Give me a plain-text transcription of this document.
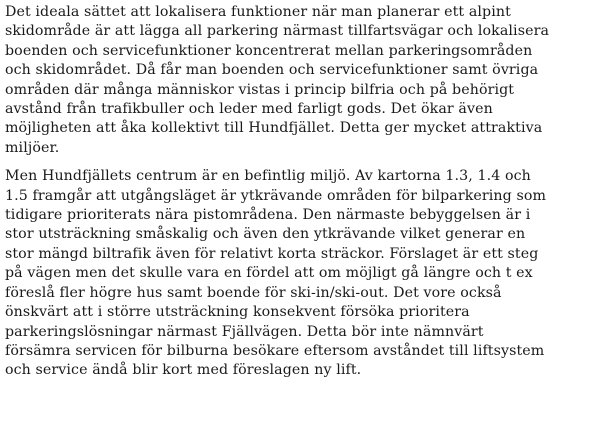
Det ideala sättet att lokalisera funktioner när man planerar ett alpint
skidområde är att lägga all parkering närmast tillfartsvägar och lokalisera
boenden och servicefunktioner koncentrerat mellan parkeringsområden
och skidområdet. Då får man boenden och servicefunktioner samt övriga
områden där många människor vistas i princip bilfria och på behörigt
avstånd från trafikbuller och leder med farligt gods. Det ökar även
möjligheten att åka kollektivt till Hundfjället. Detta ger mycket attraktiva
miljöer.

Men Hundfjällets centrum är en befintlig miljö. Av kartorna 1.3, 1.4 och
1.5 framgår att utgångsläget är ytkrävande områden för bilparkering som
tidigare prioriterats nära pistområdena. Den närmaste bebyggelsen är i
stor utsträckning småskalig och även den ytkrävande vilket generar en
stor mängd biltrafik även för relativt korta sträckor. Förslaget är ett steg
på vägen men det skulle vara en fördel att om möjligt gå längre och t ex
föreslå fler högre hus samt boende för ski-in/ski-out. Det vore också
önskvärt att i större utsträckning konsekvent försöka prioritera
parkeringslösningar närmast Fjällvägen. Detta bör inte nämnvärt
försämra servicen för bilburna besökare eftersom avståndet till liftsystem
och service ändå blir kort med föreslagen ny lift.
